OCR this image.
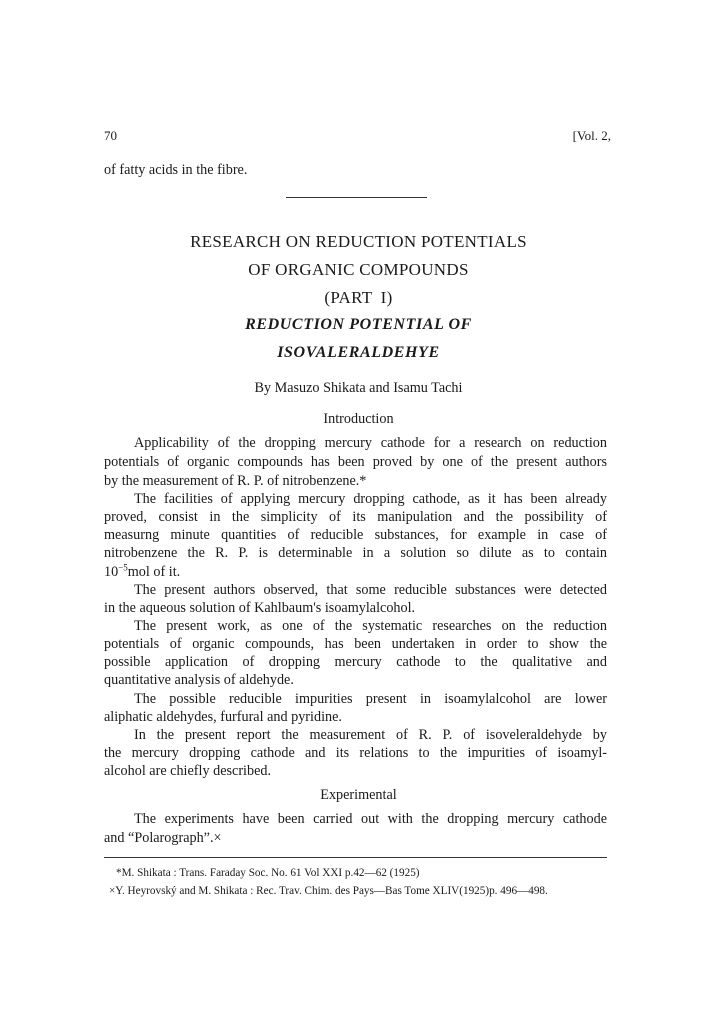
70	[Vol. 2,
of fatty acids in the fibre.
RESEARCH ON REDUCTION POTENTIALS
OF ORGANIC COMPOUNDS
(PART I)
REDUCTION POTENTIAL OF
ISOVALERALDEHYE
By Masuzo Shikata and Isamu Tachi
Introduction
Applicability of the dropping mercury cathode for a research on reduction
potentials of organic compounds has been proved by one of the present authors
by the measurement of R. P. of nitrobenzene.*
The facilities of applying mercury dropping cathode, as it has been already
proved, consist in the simplicity of its manipulation and the possibility of
measurng minute quantities of reducible substances, for example in case of
nitrobenzene the R. P. is determinable in a solution so dilute as to contain
$10^{-5}mol$ of it.
The present authors observed, that some reducible substances were detected
in the aqueous solution of Kahlbaum's isoamylalcohol.
The present work, as one of the systematic researches on the reduction
potentials of organic compounds, has been undertaken in order to show the
possible application of dropping mercury cathode to the qualitative and
quantitative analysis of aldehyde.
The possible reducible impurities present in isoamylalcohol are lower
aliphatic aldehydes, furfural and pyridine.
In the present report the measurement of R. P. of isoveleraldehyde by
the mercury dropping cathode and its relations to the impurities of isoamyl-
alcohol are chiefly described.
Experimental
The experiments have been carried out with the dropping mercury cathode
and “Polarograph”.×
*M. Shikata : Trans. Faraday Soc. No. 61 Vol XXI p.42—62 (1925)
×Y. Heyrovský and M. Shikata : Rec. Trav. Chim. des Pays—Bas Tome XLIV(1925)p. 496—498.
